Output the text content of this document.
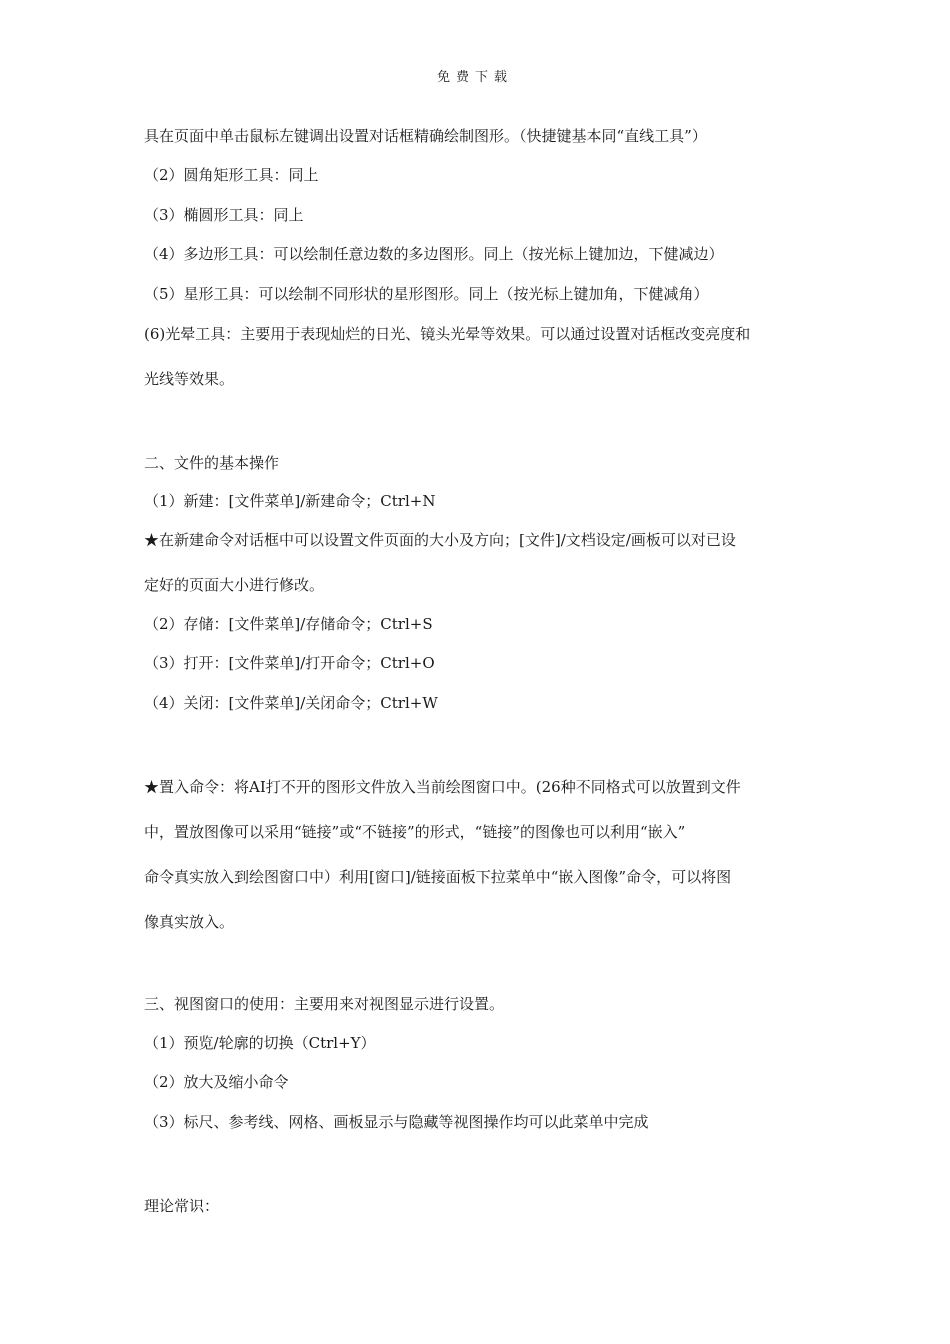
免费下载
具在页面中单击鼠标左键调出设置对话框精确绘制图形。（快捷键基本同“直线工具”）
（2）圆角矩形工具：同上
（3）椭圆形工具：同上
（4）多边形工具：可以绘制任意边数的多边图形。同上（按光标上键加边，下健减边）
（5）星形工具：可以绘制不同形状的星形图形。同上（按光标上键加角，下健减角）
(6)光晕工具：主要用于表现灿烂的日光、镜头光晕等效果。可以通过设置对话框改变亮度和
光线等效果。
二、文件的基本操作
（1）新建：[文件菜单]/新建命令；Ctrl+N
★在新建命令对话框中可以设置文件页面的大小及方向；[文件]/文档设定/画板可以对已设
定好的页面大小进行修改。
（2）存储：[文件菜单]/存储命令；Ctrl+S
（3）打开：[文件菜单]/打开命令；Ctrl+O
（4）关闭：[文件菜单]/关闭命令；Ctrl+W
★置入命令：将AI打不开的图形文件放入当前绘图窗口中。(26种不同格式可以放置到文件
中，置放图像可以采用“链接”或“不链接”的形式，“链接”的图像也可以利用“嵌入”
命令真实放入到绘图窗口中）利用[窗口]/链接面板下拉菜单中“嵌入图像”命令，可以将图
像真实放入。
三、视图窗口的使用：主要用来对视图显示进行设置。
（1）预览/轮廓的切换（Ctrl+Y）
（2）放大及缩小命令
（3）标尺、参考线、网格、画板显示与隐藏等视图操作均可以此菜单中完成
理论常识：
